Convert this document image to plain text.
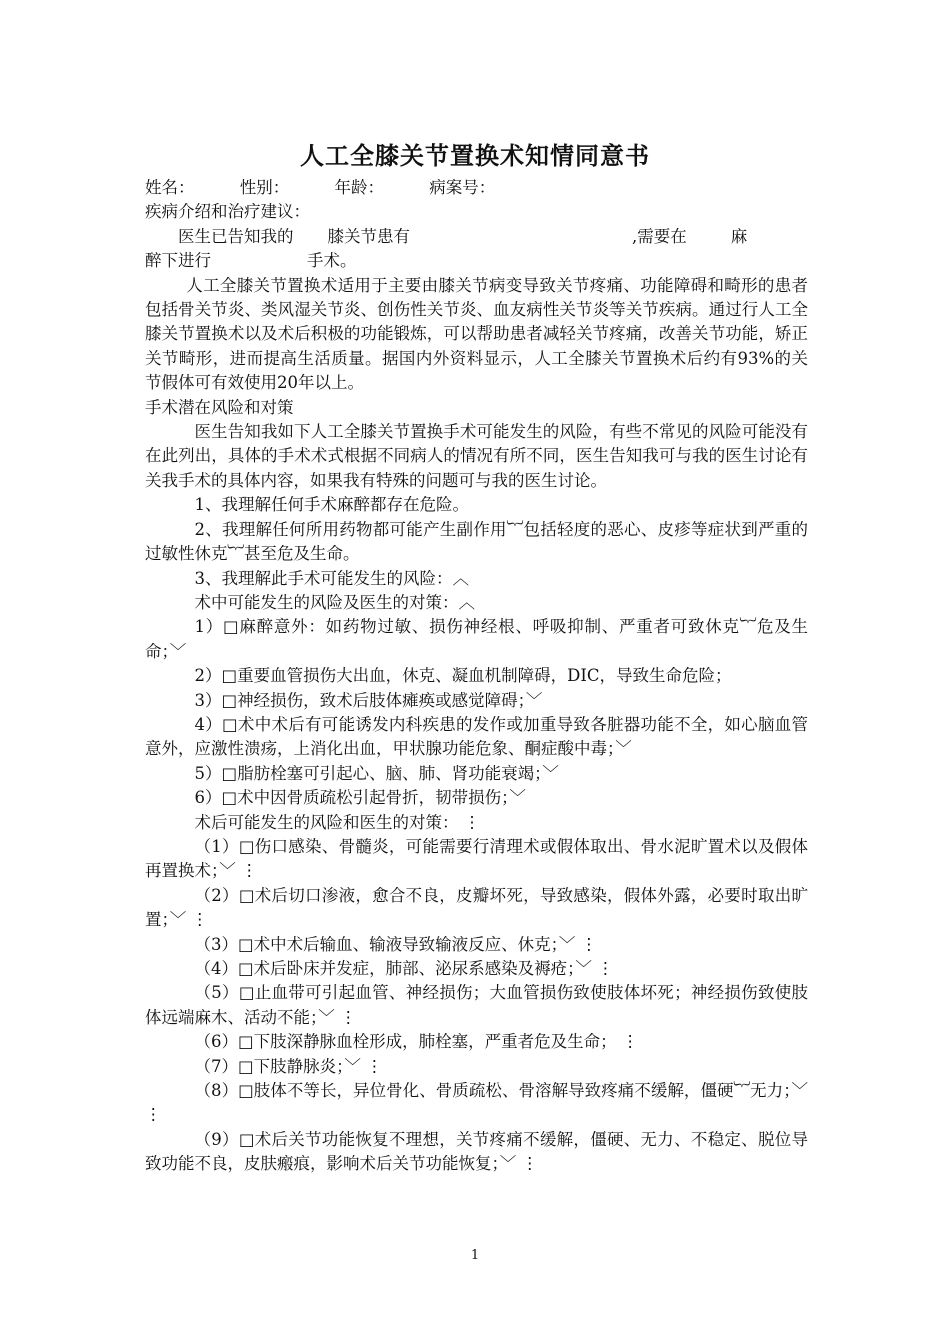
人工全膝关节置换术知情同意书

姓名：	性别：	年龄：	病案号：

疾病介绍和治疗建议：

医生已告知我的 膝关节患有	,需要在	麻

醉下进行	手术。

人工全膝关节置换术适用于主要由膝关节病变导致关节疼痛、功能障碍和畸形的患者包括骨关节炎、类风湿关节炎、创伤性关节炎、血友病性关节炎等关节疾病。通过行人工全膝关节置换术以及术后积极的功能锻炼，可以帮助患者减轻关节疼痛，改善关节功能，矫正关节畸形，进而提高生活质量。据国内外资料显示，人工全膝关节置换术后约有93%的关节假体可有效使用20年以上。

手术潜在风险和对策

医生告知我如下人工全膝关节置换手术可能发生的风险，有些不常见的风险可能没有在此列出，具体的手术术式根据不同病人的情况有所不同，医生告知我可与我的医生讨论有关我手术的具体内容，如果我有特殊的问题可与我的医生讨论。

1、我理解任何手术麻醉都存在危险。

2、我理解任何所用药物都可能产生副作用︸包括轻度的恶心、皮疹等症状到严重的过敏性休克︸甚至危及生命。

3、我理解此手术可能发生的风险：︿

术中可能发生的风险及医生的对策：︿

1）□麻醉意外：如药物过敏、损伤神经根、呼吸抑制、严重者可致休克︸危及生命；﹀

2）□重要血管损伤大出血，休克、凝血机制障碍，DIC，导致生命危险；

3）□神经损伤，致术后肢体瘫痪或感觉障碍；﹀

4）□术中术后有可能诱发内科疾患的发作或加重导致各脏器功能不全，如心脑血管意外，应激性溃疡，上消化出血，甲状腺功能危象、酮症酸中毒；﹀

5）□脂肪栓塞可引起心、脑、肺、肾功能衰竭；﹀

6）□术中因骨质疏松引起骨折，韧带损伤；﹀

术后可能发生的风险和医生的对策： ⋮

（1）□伤口感染、骨髓炎，可能需要行清理术或假体取出、骨水泥旷置术以及假体再置换术；﹀ ⋮

（2）□术后切口渗液，愈合不良，皮瓣坏死，导致感染，假体外露，必要时取出旷置；﹀ ⋮

（3）□术中术后输血、输液导致输液反应、休克；﹀ ⋮

（4）□术后卧床并发症，肺部、泌尿系感染及褥疮；﹀ ⋮

（5）□止血带可引起血管、神经损伤；大血管损伤致使肢体坏死；神经损伤致使肢体远端麻木、活动不能；﹀ ⋮

（6）□下肢深静脉血栓形成，肺栓塞，严重者危及生命； ⋮

（7）□下肢静脉炎；﹀ ⋮

（8）□肢体不等长，异位骨化、骨质疏松、骨溶解导致疼痛不缓解，僵硬︸无力；﹀ ⋮

（9）□术后关节功能恢复不理想，关节疼痛不缓解，僵硬、无力、不稳定、脱位导致功能不良，皮肤瘢痕，影响术后关节功能恢复；﹀ ⋮

1
